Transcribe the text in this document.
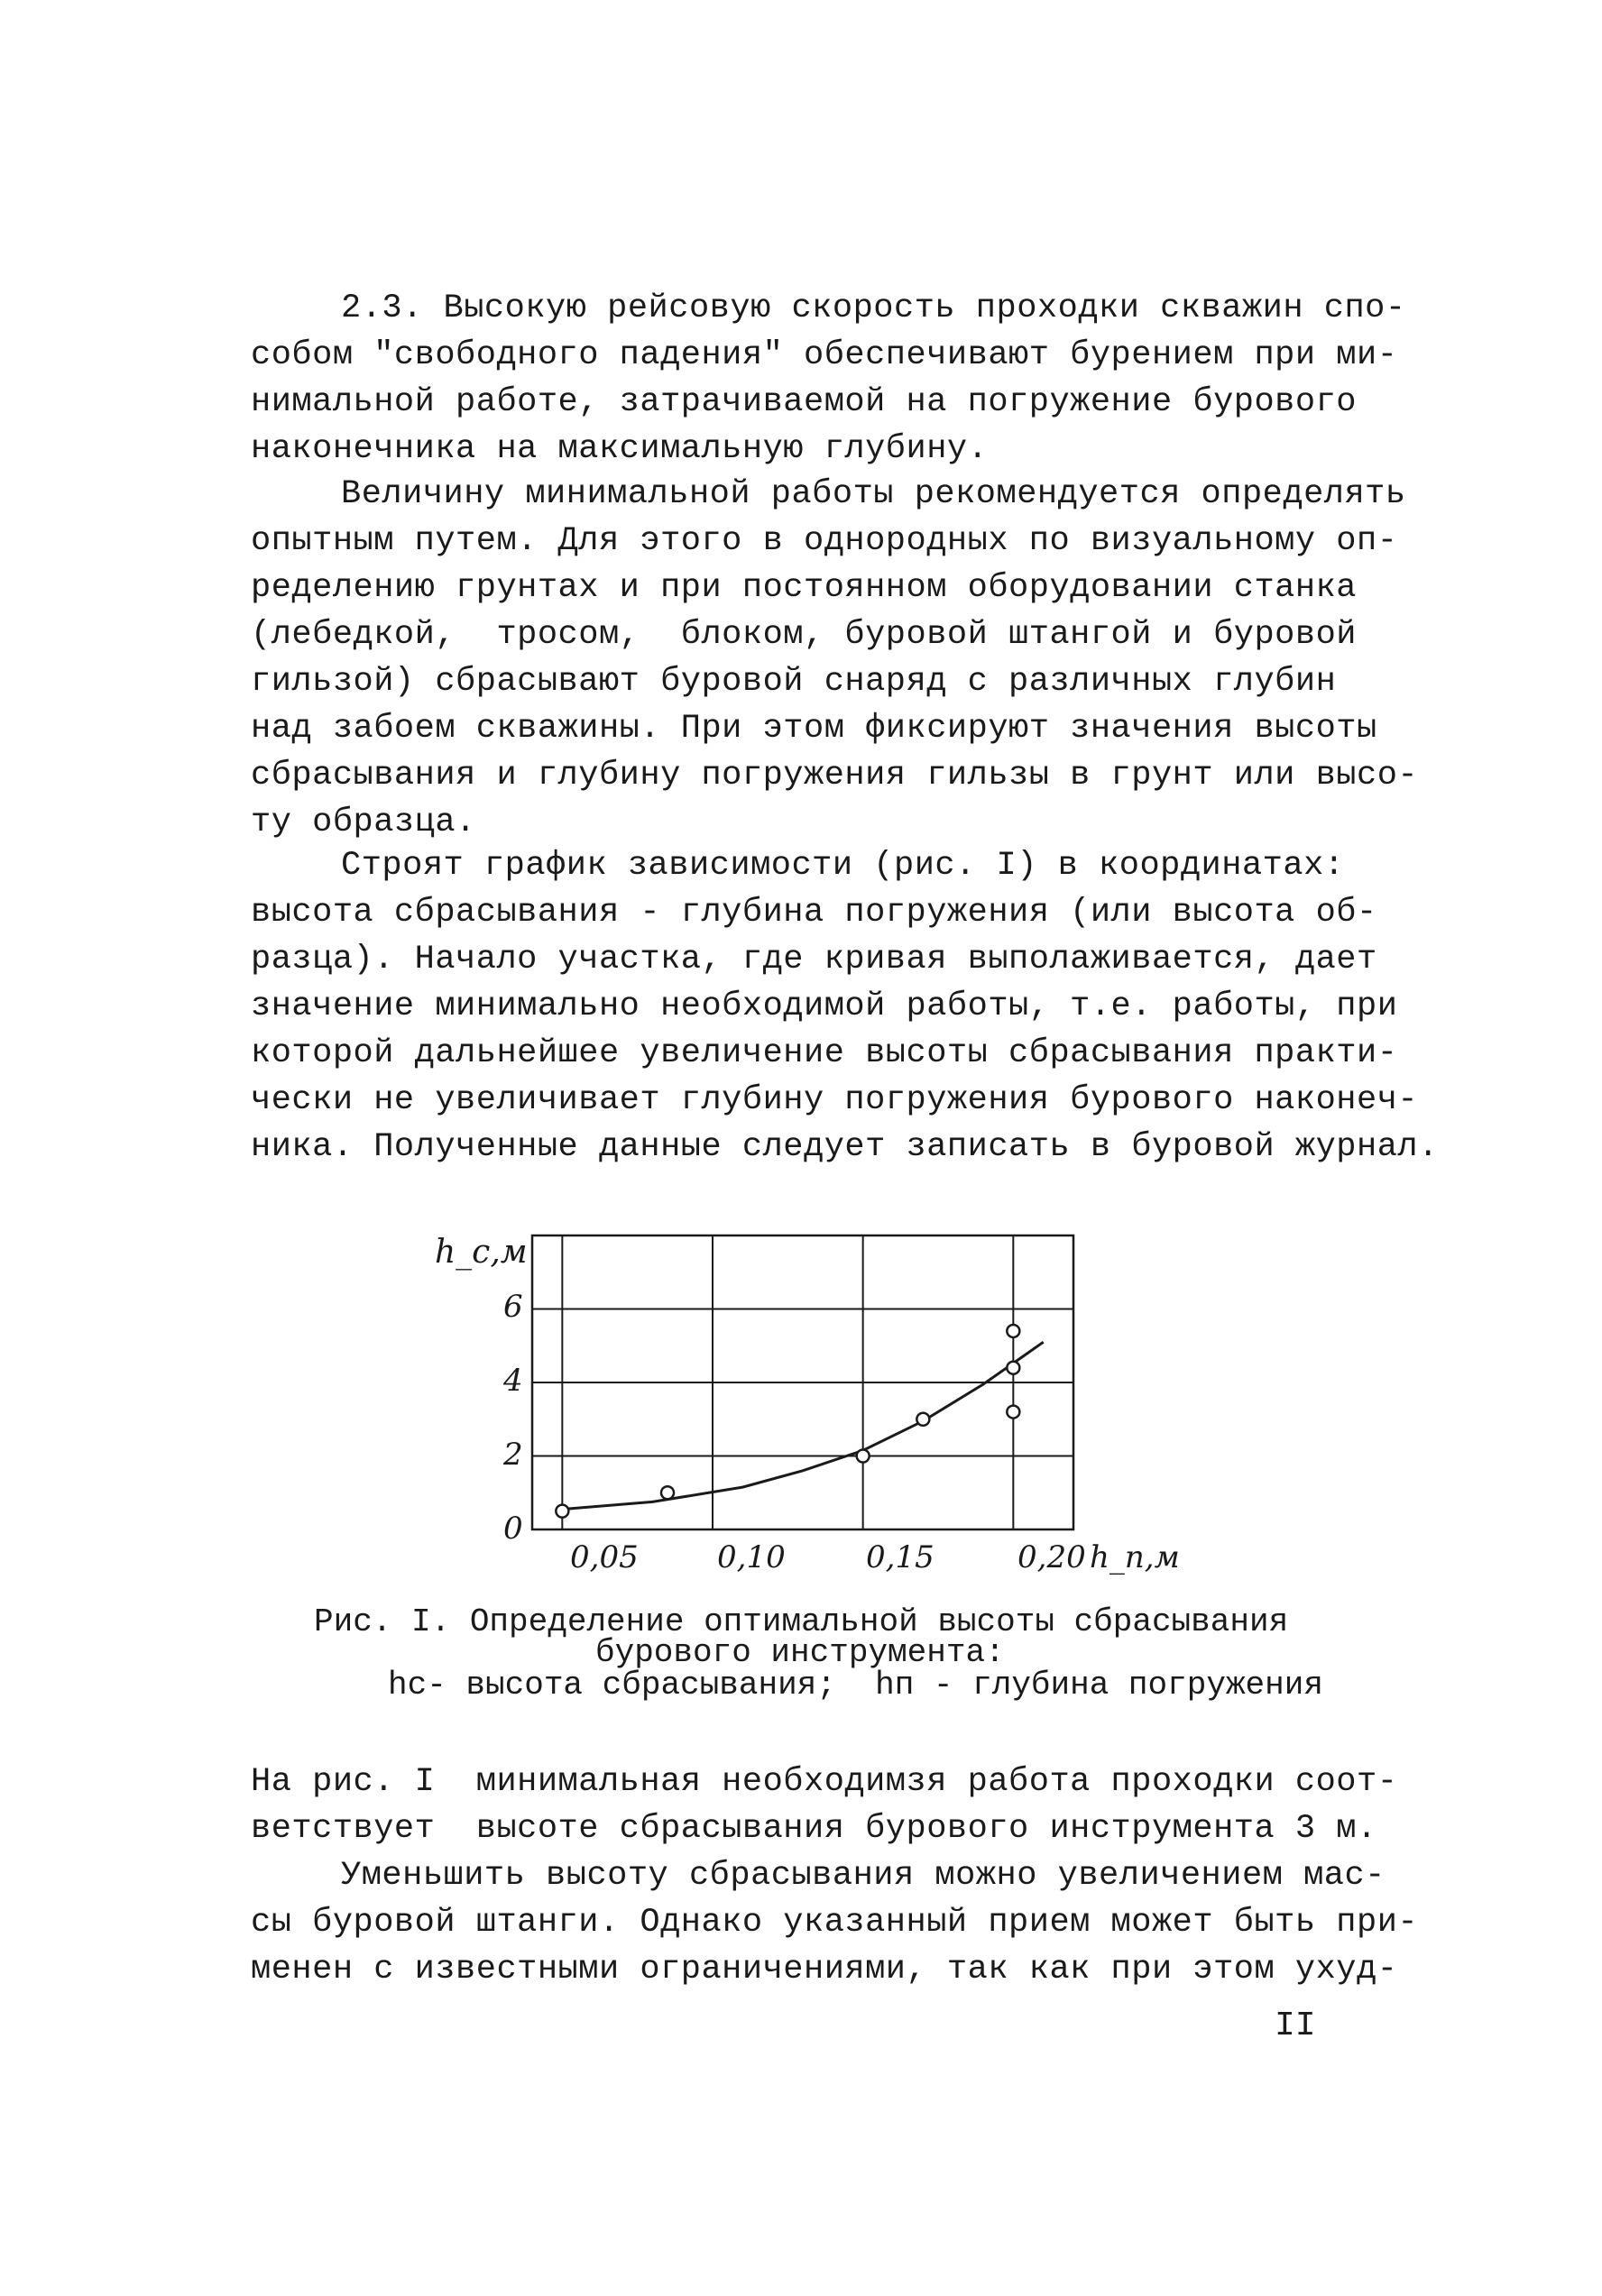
2.3. Высокую рейсовую скорость проходки скважин спо-
собом "свободного падения" обеспечивают бурением при ми-
нимальной работе, затрачиваемой на погружение бурового
наконечника на максимальную глубину.
Величину минимальной работы рекомендуется определять
опытным путем. Для этого в однородных по визуальному оп-
ределению грунтах и при постоянном оборудовании станка
(лебедкой,  тросом,  блоком, буровой штангой и буровой
гильзой) сбрасывают буровой снаряд с различных глубин
над забоем скважины. При этом фиксируют значения высоты
сбрасывания и глубину погружения гильзы в грунт или высо-
ту образца.
Строят график зависимости (рис. I) в координатах:
высота сбрасывания - глубина погружения (или высота об-
разца). Начало участка, где кривая выполаживается, дает
значение минимально необходимой работы, т.е. работы, при
которой дальнейшее увеличение высоты сбрасывания практи-
чески не увеличивает глубину погружения бурового наконеч-
ника. Полученные данные следует записать в буровой журнал.
6
4
2
0
h_c,м
0,05	0,10	0,15	0,20 h_п,м
Рис. I. Определение оптимальной высоты сбрасывания
бурового инструмента:
hс- высота сбрасывания;  hп - глубина погружения
На рис. I  минимальная необходимзя работа проходки соот-
ветствует  высоте сбрасывания бурового инструмента 3 м.
Уменьшить высоту сбрасывания можно увеличением мас-
сы буровой штанги. Однако указанный прием может быть при-
менен с известными ограничениями, так как при этом ухуд-
II
